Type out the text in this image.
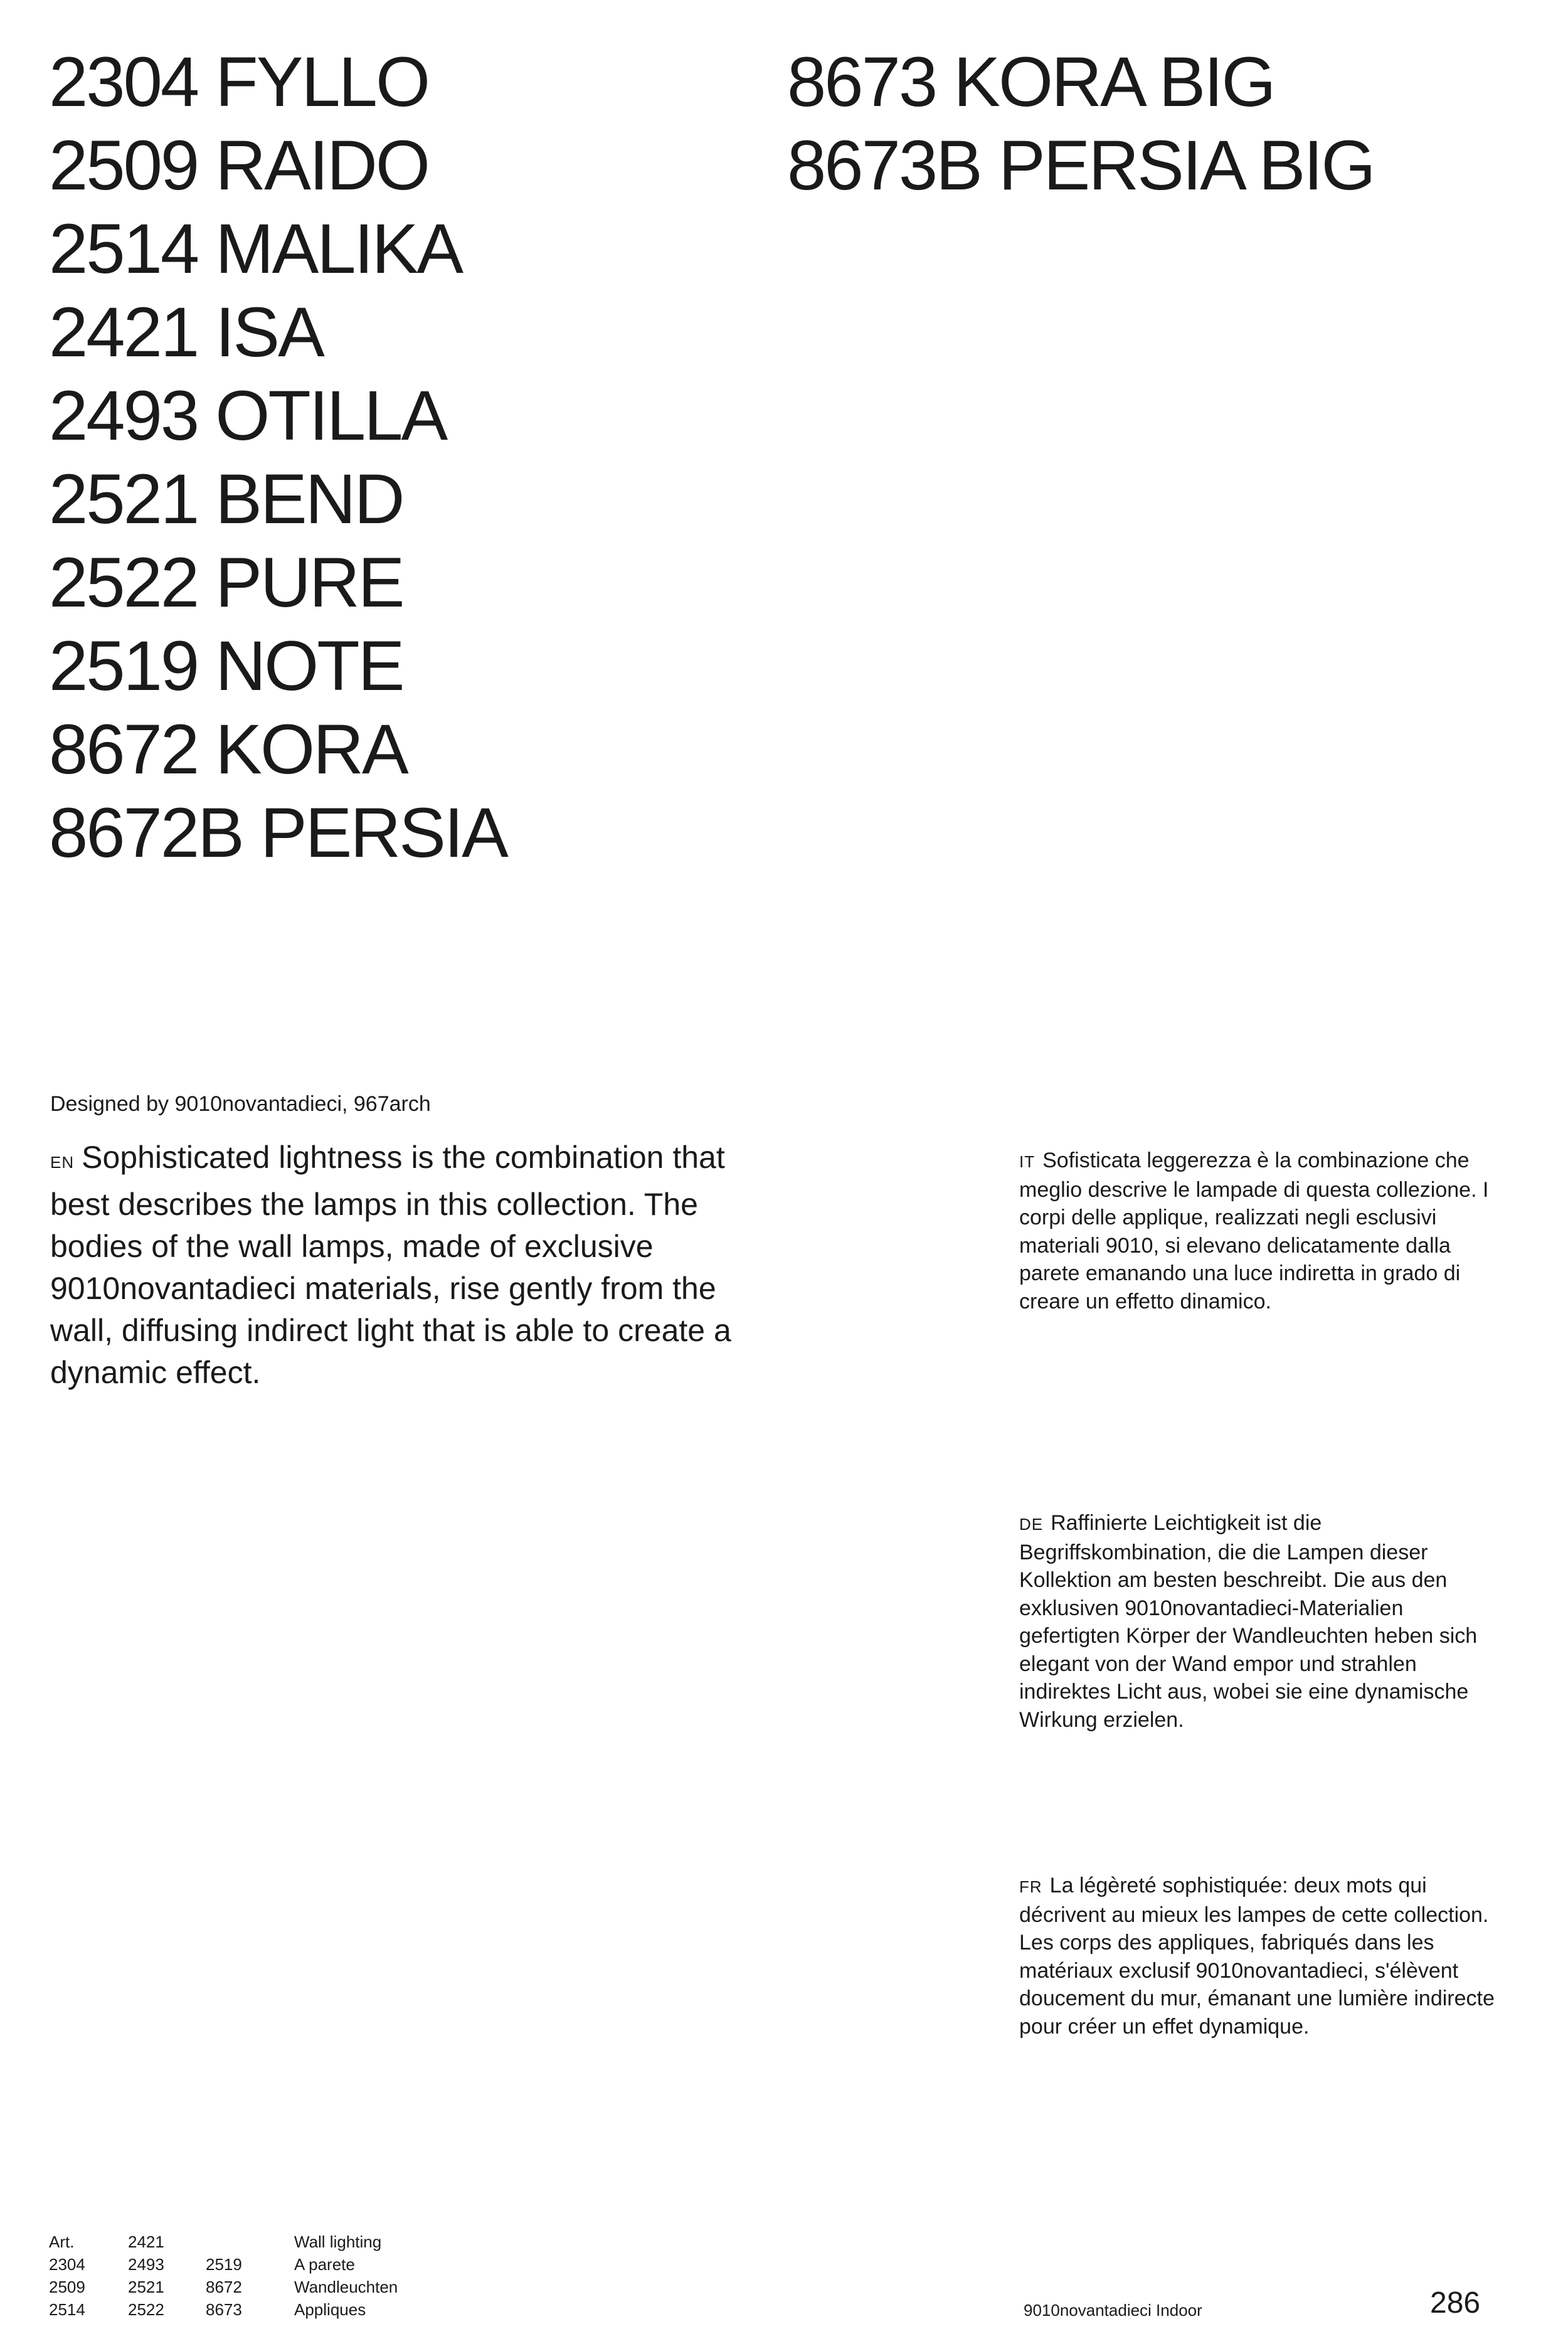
2304 FYLLO
2509 RAIDO
2514 MALIKA
2421 ISA
2493 OTILLA
2521 BEND
2522 PURE
2519 NOTE
8672 KORA
8672B PERSIA
8673 KORA BIG
8673B PERSIA BIG
Designed by 9010novantadieci, 967arch
EN Sophisticated lightness is the combination that best describes the lamps in this collection. The bodies of the wall lamps, made of exclusive 9010novantadieci materials, rise gently from the wall, diffusing indirect light that is able to create a dynamic effect.
IT Sofisticata leggerezza è la combinazione che meglio descrive le lampade di questa collezione. I corpi delle applique, realizzati negli esclusivi materiali 9010, si elevano delicatamente dalla parete emanando una luce indiretta in grado di creare un effetto dinamico.
DE Raffinierte Leichtigkeit ist die Begriffskombination, die die Lampen dieser Kollektion am besten beschreibt. Die aus den exklusiven 9010novantadieci-Materialien gefertigten Körper der Wandleuchten heben sich elegant von der Wand empor und strahlen indirektes Licht aus, wobei sie eine dynamische Wirkung erzielen.
FR La légèreté sophistiquée: deux mots qui décrivent au mieux les lampes de cette collection. Les corps des appliques, fabriqués dans les matériaux exclusif 9010novantadieci, s'élèvent doucement du mur, émanant une lumière indirecte pour créer un effet dynamique.
Art.	2421		Wall lighting
2304	2493	2519	A parete
2509	2521	8672	Wandleuchten
2514	2522	8673	Appliques	9010novantadieci Indoor	286
